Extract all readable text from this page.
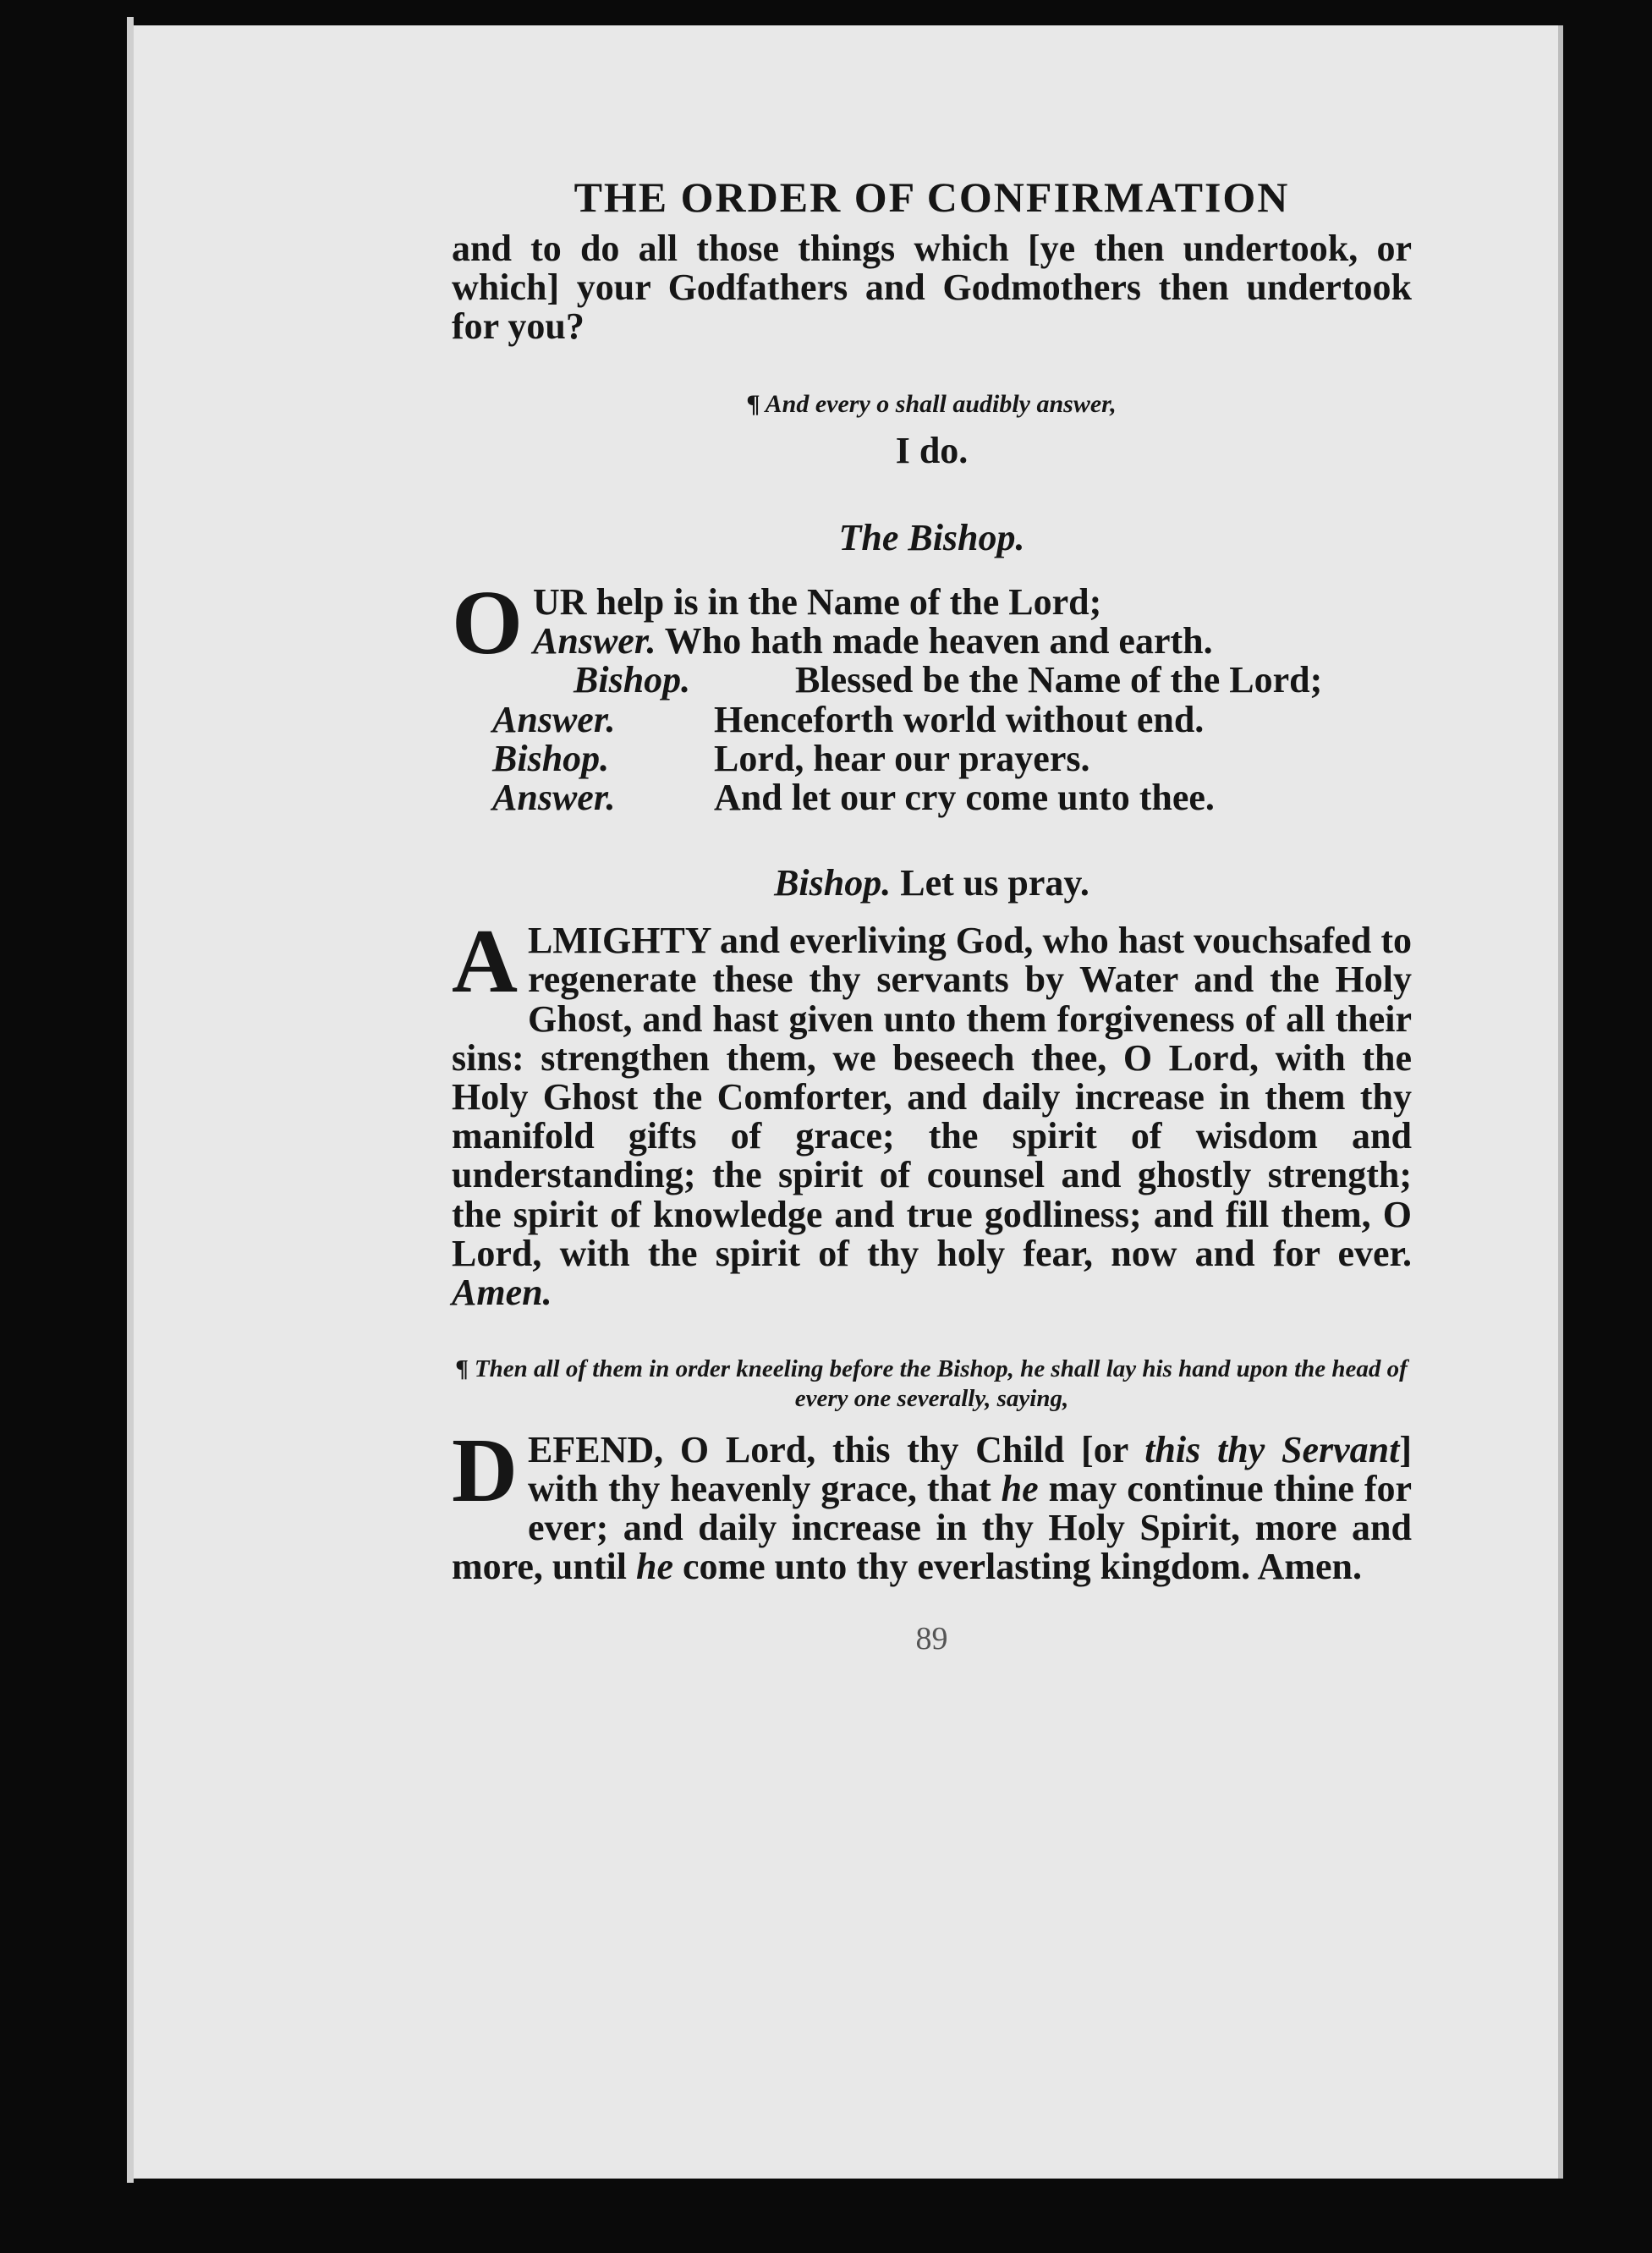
THE ORDER OF CONFIRMATION

and to do all those things which [ye then undertook, or which] your Godfathers and Godmothers then undertook for you?

¶ And every o shall audibly answer,

I do.

The Bishop.

O UR help is in the Name of the Lord;
Answer. Who hath made heaven and earth.
Bishop.	Blessed be the Name of the Lord;
Answer.	Henceforth world without end.
Bishop.	Lord, hear our prayers.
Answer.	And let our cry come unto thee.

Bishop. Let us pray.

A LMIGHTY and everliving God, who hast vouchsafed to regenerate these thy servants by Water and the Holy Ghost, and hast given unto them forgiveness of all their sins: strengthen them, we beseech thee, O Lord, with the Holy Ghost the Comforter, and daily increase in them thy manifold gifts of grace; the spirit of wisdom and understanding; the spirit of counsel and ghostly strength; the spirit of knowledge and true godliness; and fill them, O Lord, with the spirit of thy holy fear, now and for ever. Amen.

¶ Then all of them in order kneeling before the Bishop, he shall lay his hand upon the head of every one severally, saying,

D EFEND, O Lord, this thy Child [or this thy Servant] with thy heavenly grace, that he may continue thine for ever; and daily increase in thy Holy Spirit, more and more, until he come unto thy everlasting kingdom. Amen.
89
